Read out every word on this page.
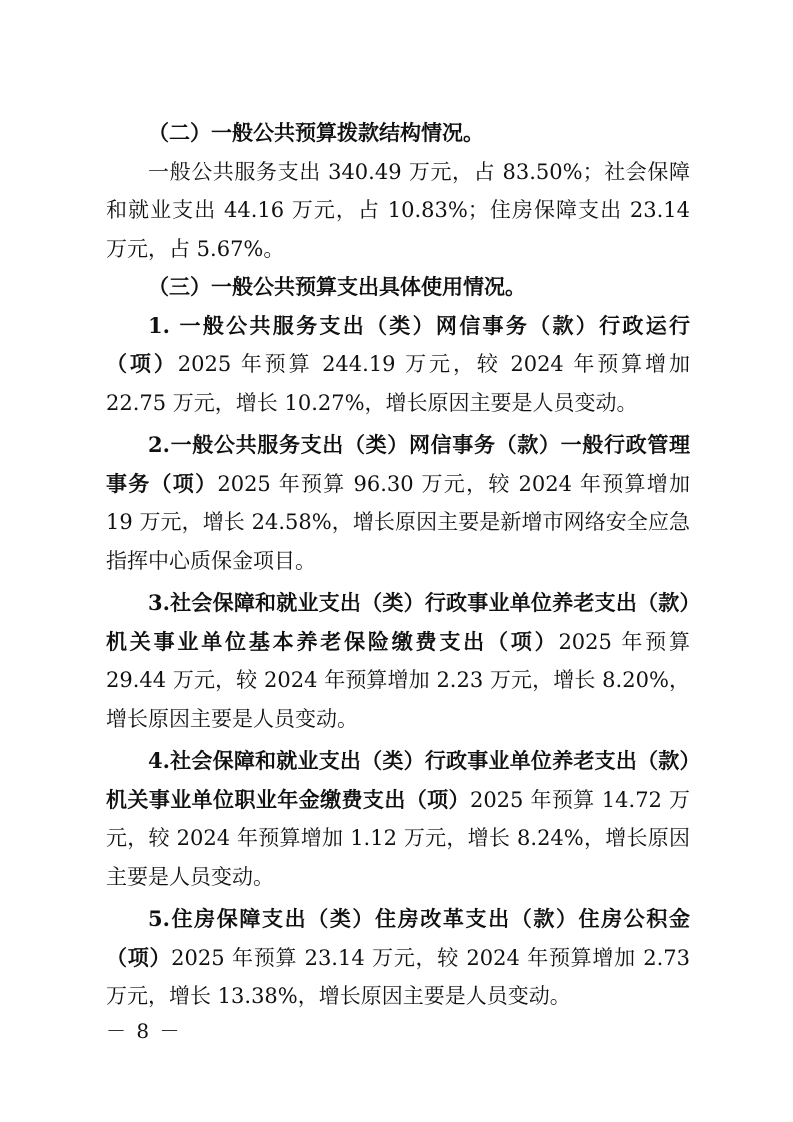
（二）一般公共预算拨款结构情况。

一般公共服务支出 340.49 万元，占 83.50%；社会保障和就业支出 44.16 万元，占 10.83%；住房保障支出 23.14 万元，占 5.67%。

（三）一般公共预算支出具体使用情况。

1. 一般公共服务支出（类）网信事务（款）行政运行（项）2025 年预算 244.19 万元，较 2024 年预算增加 22.75 万元，增长 10.27%，增长原因主要是人员变动。

2.一般公共服务支出（类）网信事务（款）一般行政管理事务（项）2025 年预算 96.30 万元，较 2024 年预算增加 19 万元，增长 24.58%，增长原因主要是新增市网络安全应急指挥中心质保金项目。

3.社会保障和就业支出（类）行政事业单位养老支出（款）机关事业单位基本养老保险缴费支出（项）2025 年预算 29.44 万元，较 2024 年预算增加 2.23 万元，增长 8.20%，增长原因主要是人员变动。

4.社会保障和就业支出（类）行政事业单位养老支出（款）机关事业单位职业年金缴费支出（项）2025 年预算 14.72 万元，较 2024 年预算增加 1.12 万元，增长 8.24%，增长原因主要是人员变动。

5.住房保障支出（类）住房改革支出（款）住房公积金（项）2025 年预算 23.14 万元，较 2024 年预算增加 2.73 万元，增长 13.38%，增长原因主要是人员变动。

－ 8 －
